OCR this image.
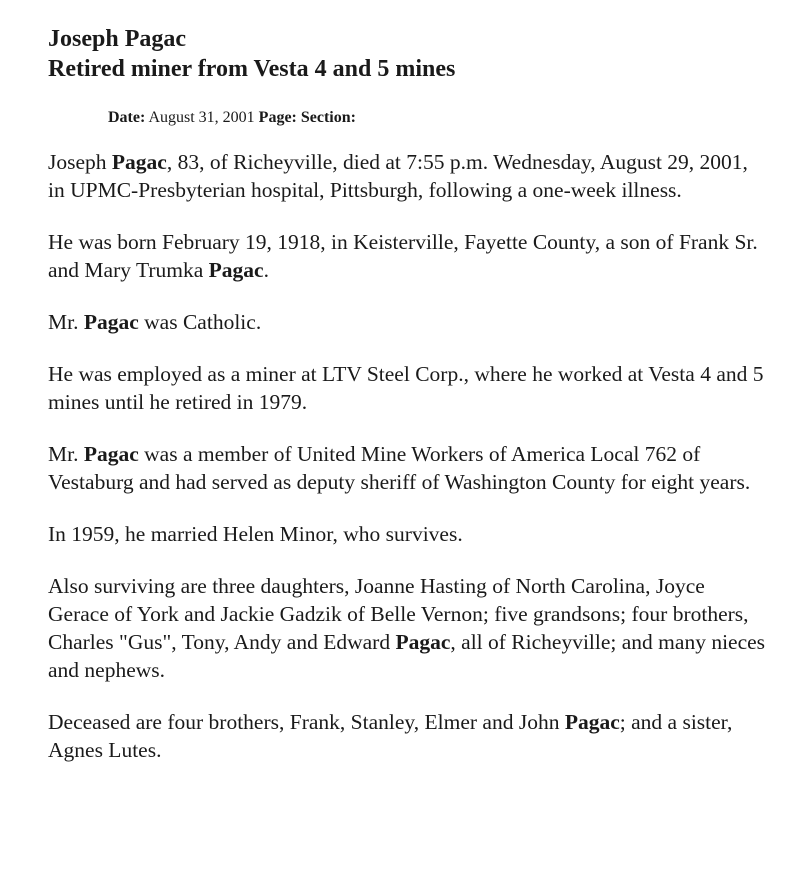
Joseph Pagac
Retired miner from Vesta 4 and 5 mines
Date: August 31, 2001 Page: Section:

Joseph Pagac, 83, of Richeyville, died at 7:55 p.m. Wednesday, August 29, 2001, in UPMC-Presbyterian hospital, Pittsburgh, following a one-week illness.

He was born February 19, 1918, in Keisterville, Fayette County, a son of Frank Sr. and Mary Trumka Pagac.

Mr. Pagac was Catholic.

He was employed as a miner at LTV Steel Corp., where he worked at Vesta 4 and 5 mines until he retired in 1979.

Mr. Pagac was a member of United Mine Workers of America Local 762 of Vestaburg and had served as deputy sheriff of Washington County for eight years.

In 1959, he married Helen Minor, who survives.

Also surviving are three daughters, Joanne Hasting of North Carolina, Joyce Gerace of York and Jackie Gadzik of Belle Vernon; five grandsons; four brothers, Charles "Gus", Tony, Andy and Edward Pagac, all of Richeyville; and many nieces and nephews.

Deceased are four brothers, Frank, Stanley, Elmer and John Pagac; and a sister, Agnes Lutes.
